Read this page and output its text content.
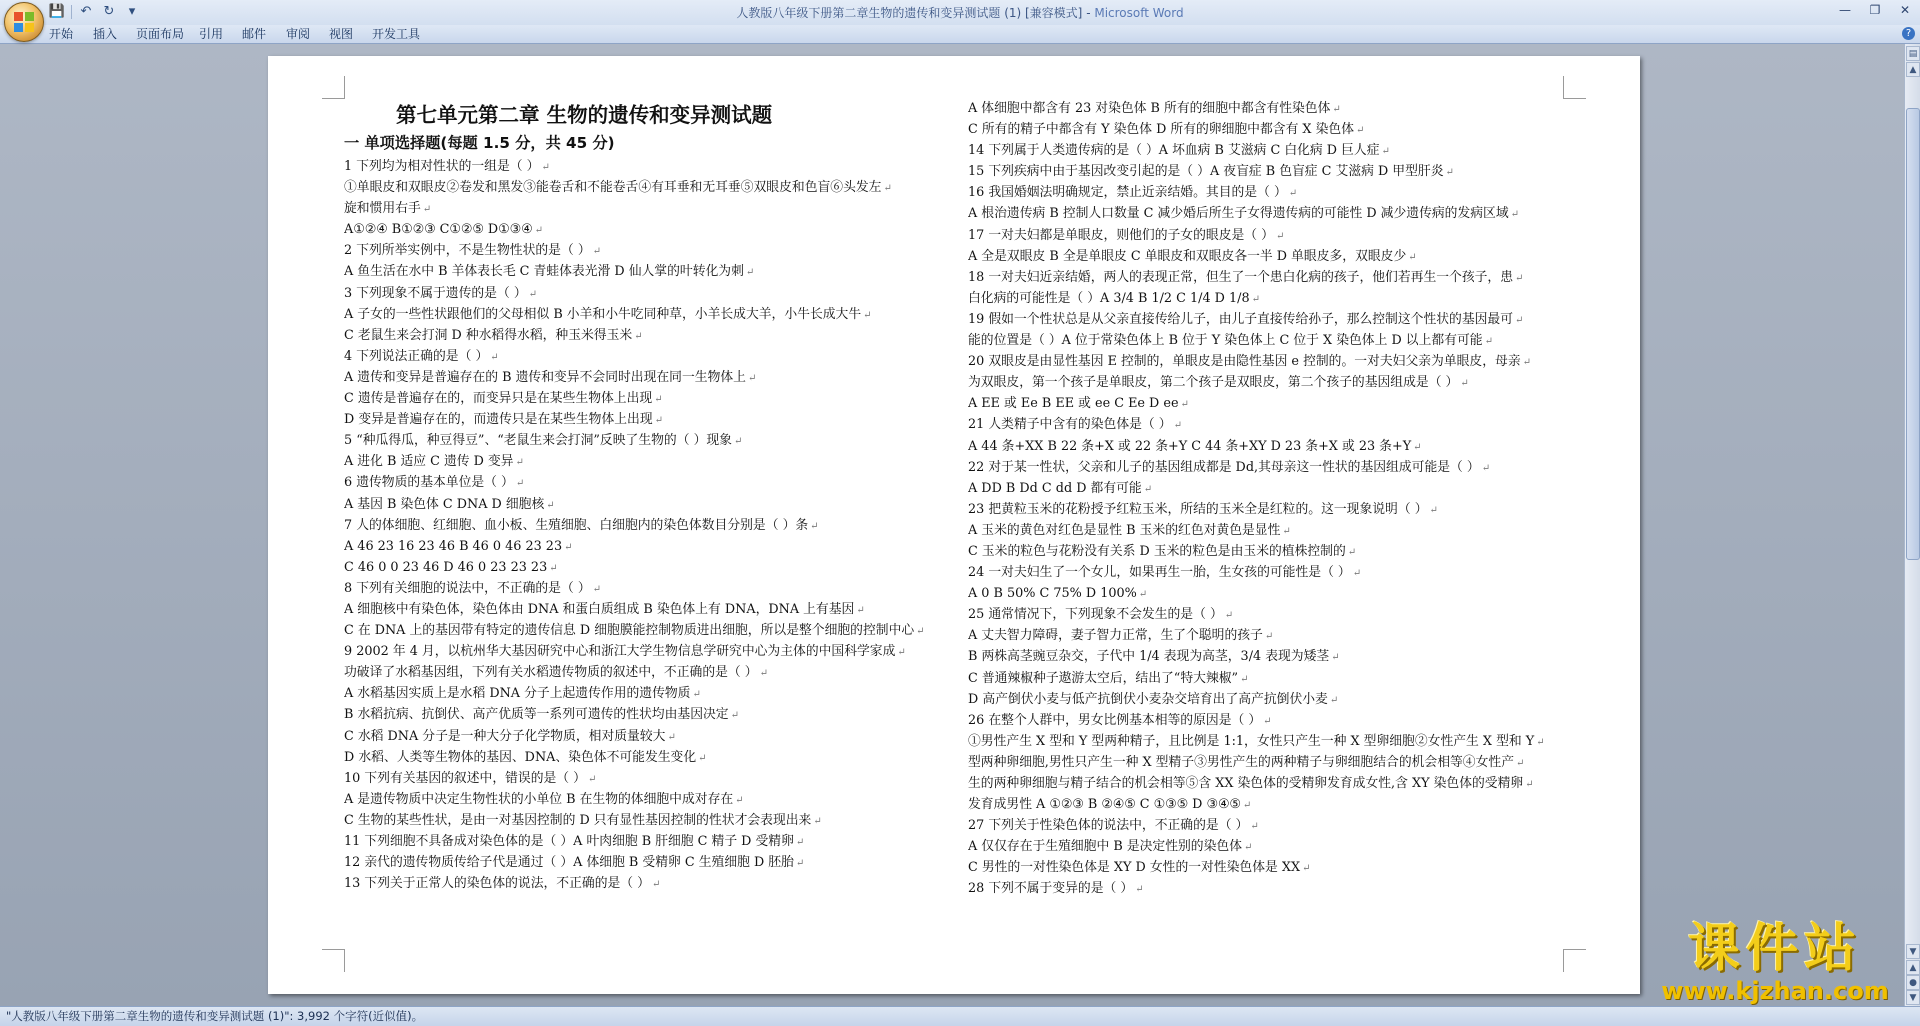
💾 ↶ ↻	▾	人教版八年级下册第二章生物的遗传和变异测试题 (1) [兼容模式] - Microsoft Word	—	❐	✕
开始 插入 页面布局 引用 邮件 审阅 视图 开发工具	?
第七单元第二章 生物的遗传和变异测试题
一 单项选择题(每题 1.5 分，共 45 分)
1 下列均为相对性状的一组是（ ） ↵
①单眼皮和双眼皮②卷发和黑发③能卷舌和不能卷舌④有耳垂和无耳垂⑤双眼皮和色盲⑥头发左 ↵
旋和惯用右手 ↵
A①②④ B①②③ C①②⑤ D①③④ ↵
2 下列所举实例中，不是生物性状的是（ ） ↵
A 鱼生活在水中 B 羊体表长毛 C 青蛙体表光滑 D 仙人掌的叶转化为刺 ↵
3 下列现象不属于遗传的是（ ） ↵
A 子女的一些性状跟他们的父母相似 B 小羊和小牛吃同种草，小羊长成大羊，小牛长成大牛 ↵
C 老鼠生来会打洞 D 种水稻得水稻，种玉米得玉米 ↵
4 下列说法正确的是（ ） ↵
A 遗传和变异是普遍存在的 B 遗传和变异不会同时出现在同一生物体上 ↵
C 遗传是普遍存在的，而变异只是在某些生物体上出现 ↵
D 变异是普遍存在的，而遗传只是在某些生物体上出现 ↵
5 “种瓜得瓜，种豆得豆”、“老鼠生来会打洞”反映了生物的（ ）现象 ↵
A 进化 B 适应 C 遗传 D 变异 ↵
6 遗传物质的基本单位是（ ） ↵
A 基因 B 染色体 C DNA D 细胞核 ↵
7 人的体细胞、红细胞、血小板、生殖细胞、白细胞内的染色体数目分别是（ ）条 ↵
A 46 23 16 23 46 B 46 0 46 23 23 ↵
C 46 0 0 23 46 D 46 0 23 23 23 ↵
8 下列有关细胞的说法中，不正确的是（ ） ↵
A 细胞核中有染色体，染色体由 DNA 和蛋白质组成 B 染色体上有 DNA，DNA 上有基因 ↵
C 在 DNA 上的基因带有特定的遗传信息 D 细胞膜能控制物质进出细胞，所以是整个细胞的控制中心 ↵
9 2002 年 4 月，以杭州华大基因研究中心和浙江大学生物信息学研究中心为主体的中国科学家成 ↵
功破译了水稻基因组，下列有关水稻遗传物质的叙述中，不正确的是（ ） ↵
A 水稻基因实质上是水稻 DNA 分子上起遗传作用的遗传物质 ↵
B 水稻抗病、抗倒伏、高产优质等一系列可遗传的性状均由基因决定 ↵
C 水稻 DNA 分子是一种大分子化学物质，相对质量较大 ↵
D 水稻、人类等生物体的基因、DNA、染色体不可能发生变化 ↵
10 下列有关基因的叙述中，错误的是（ ） ↵
A 是遗传物质中决定生物性状的小单位 B 在生物的体细胞中成对存在 ↵
C 生物的某些性状，是由一对基因控制的 D 只有显性基因控制的性状才会表现出来 ↵
11 下列细胞不具备成对染色体的是（ ）A 叶肉细胞 B 肝细胞 C 精子 D 受精卵 ↵
12 亲代的遗传物质传给子代是通过（ ）A 体细胞 B 受精卵 C 生殖细胞 D 胚胎 ↵
13 下列关于正常人的染色体的说法，不正确的是（ ） ↵
A 体细胞中都含有 23 对染色体 B 所有的细胞中都含有性染色体 ↵
C 所有的精子中都含有 Y 染色体 D 所有的卵细胞中都含有 X 染色体 ↵
14 下列属于人类遗传病的是（ ）A 坏血病 B 艾滋病 C 白化病 D 巨人症 ↵
15 下列疾病中由于基因改变引起的是（ ）A 夜盲症 B 色盲症 C 艾滋病 D 甲型肝炎 ↵
16 我国婚姻法明确规定，禁止近亲结婚。其目的是（ ） ↵
A 根治遗传病 B 控制人口数量 C 减少婚后所生子女得遗传病的可能性 D 减少遗传病的发病区域 ↵
17 一对夫妇都是单眼皮，则他们的子女的眼皮是（ ） ↵
A 全是双眼皮 B 全是单眼皮 C 单眼皮和双眼皮各一半 D 单眼皮多，双眼皮少 ↵
18 一对夫妇近亲结婚，两人的表现正常，但生了一个患白化病的孩子，他们若再生一个孩子，患 ↵
白化病的可能性是（ ）A 3/4 B 1/2 C 1/4 D 1/8 ↵
19 假如一个性状总是从父亲直接传给儿子，由儿子直接传给孙子，那么控制这个性状的基因最可 ↵
能的位置是（ ）A 位于常染色体上 B 位于 Y 染色体上 C 位于 X 染色体上 D 以上都有可能 ↵
20 双眼皮是由显性基因 E 控制的，单眼皮是由隐性基因 e 控制的。一对夫妇父亲为单眼皮，母亲 ↵
为双眼皮，第一个孩子是单眼皮，第二个孩子是双眼皮，第二个孩子的基因组成是（ ） ↵
A EE 或 Ee B EE 或 ee C Ee D ee ↵
21 人类精子中含有的染色体是（ ） ↵
A 44 条+XX B 22 条+X 或 22 条+Y C 44 条+XY D 23 条+X 或 23 条+Y ↵
22 对于某一性状，父亲和儿子的基因组成都是 Dd,其母亲这一性状的基因组成可能是（ ） ↵
A DD B Dd C dd D 都有可能 ↵
23 把黄粒玉米的花粉授予红粒玉米，所结的玉米全是红粒的。这一现象说明（ ） ↵
A 玉米的黄色对红色是显性 B 玉米的红色对黄色是显性 ↵
C 玉米的粒色与花粉没有关系 D 玉米的粒色是由玉米的植株控制的 ↵
24 一对夫妇生了一个女儿，如果再生一胎，生女孩的可能性是（ ） ↵
A 0 B 50% C 75% D 100% ↵
25 通常情况下，下列现象不会发生的是（ ） ↵
A 丈夫智力障碍，妻子智力正常，生了个聪明的孩子 ↵
B 两株高茎豌豆杂交，子代中 1/4 表现为高茎，3/4 表现为矮茎 ↵
C 普通辣椒种子遨游太空后，结出了“特大辣椒” ↵
D 高产倒伏小麦与低产抗倒伏小麦杂交培育出了高产抗倒伏小麦 ↵
26 在整个人群中，男女比例基本相等的原因是（ ） ↵
①男性产生 X 型和 Y 型两种精子，且比例是 1:1，女性只产生一种 X 型卵细胞②女性产生 X 型和 Y ↵
型两种卵细胞,男性只产生一种 X 型精子③男性产生的两种精子与卵细胞结合的机会相等④女性产 ↵
生的两种卵细胞与精子结合的机会相等⑤含 XX 染色体的受精卵发育成女性,含 XY 染色体的受精卵 ↵
发育成男性 A ①②③ B ②④⑤ C ①③⑤ D ③④⑤ ↵
27 下列关于性染色体的说法中，不正确的是（ ） ↵
A 仅仅存在于生殖细胞中 B 是决定性别的染色体 ↵
C 男性的一对性染色体是 XY D 女性的一对性染色体是 XX ↵
28 下列不属于变异的是（ ） ↵
▤
▲
▼
▲
●
▼
"人教版八年级下册第二章生物的遗传和变异测试题 (1)": 3,992 个字符(近似值)。
课件站
www.kjzhan.com
